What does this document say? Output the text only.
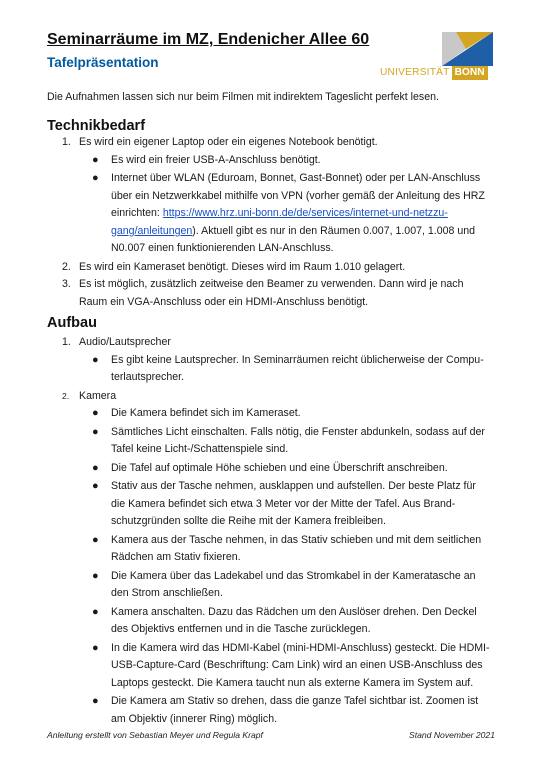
Seminarräume im MZ, Endenicher Allee 60
Tafelpräsentation
UNIVERSITÄT BONN

Die Aufnahmen lassen sich nur beim Filmen mit indirektem Tageslicht perfekt lesen.

Technikbedarf
1. Es wird ein eigener Laptop oder ein eigenes Notebook benötigt.
● Es wird ein freier USB-A-Anschluss benötigt.
● Internet über WLAN (Eduroam, Bonnet, Gast-Bonnet) oder per LAN-Anschluss
über ein Netzwerkkabel mithilfe von VPN (vorher gemäß der Anleitung des HRZ
einrichten: https://www.hrz.uni-bonn.de/de/services/internet-und-netzzu-
gang/anleitungen). Aktuell gibt es nur in den Räumen 0.007, 1.007, 1.008 und
N0.007 einen funktionierenden LAN-Anschluss.
2. Es wird ein Kameraset benötigt. Dieses wird im Raum 1.010 gelagert.
3. Es ist möglich, zusätzlich zeitweise den Beamer zu verwenden. Dann wird je nach
Raum ein VGA-Anschluss oder ein HDMI-Anschluss benötigt.
Aufbau
1. Audio/Lautsprecher
● Es gibt keine Lautsprecher. In Seminarräumen reicht üblicherweise der Compu-
terlautsprecher.
2. Kamera
● Die Kamera befindet sich im Kameraset.
● Sämtliches Licht einschalten. Falls nötig, die Fenster abdunkeln, sodass auf der
Tafel keine Licht-/Schattenspiele sind.
● Die Tafel auf optimale Höhe schieben und eine Überschrift anschreiben.
● Stativ aus der Tasche nehmen, ausklappen und aufstellen. Der beste Platz für
die Kamera befindet sich etwa 3 Meter vor der Mitte der Tafel. Aus Brand-
schutzgründen sollte die Reihe mit der Kamera freibleiben.
● Kamera aus der Tasche nehmen, in das Stativ schieben und mit dem seitlichen
Rädchen am Stativ fixieren.
● Die Kamera über das Ladekabel und das Stromkabel in der Kameratasche an
den Strom anschließen.
● Kamera anschalten. Dazu das Rädchen um den Auslöser drehen. Den Deckel
des Objektivs entfernen und in die Tasche zurücklegen.
● In die Kamera wird das HDMI-Kabel (mini-HDMI-Anschluss) gesteckt. Die HDMI-
USB-Capture-Card (Beschriftung: Cam Link) wird an einen USB-Anschluss des
Laptops gesteckt. Die Kamera taucht nun als externe Kamera im System auf.
● Die Kamera am Stativ so drehen, dass die ganze Tafel sichtbar ist. Zoomen ist
am Objektiv (innerer Ring) möglich.
Anleitung erstellt von Sebastian Meyer und Regula Krapf	Stand November 2021
